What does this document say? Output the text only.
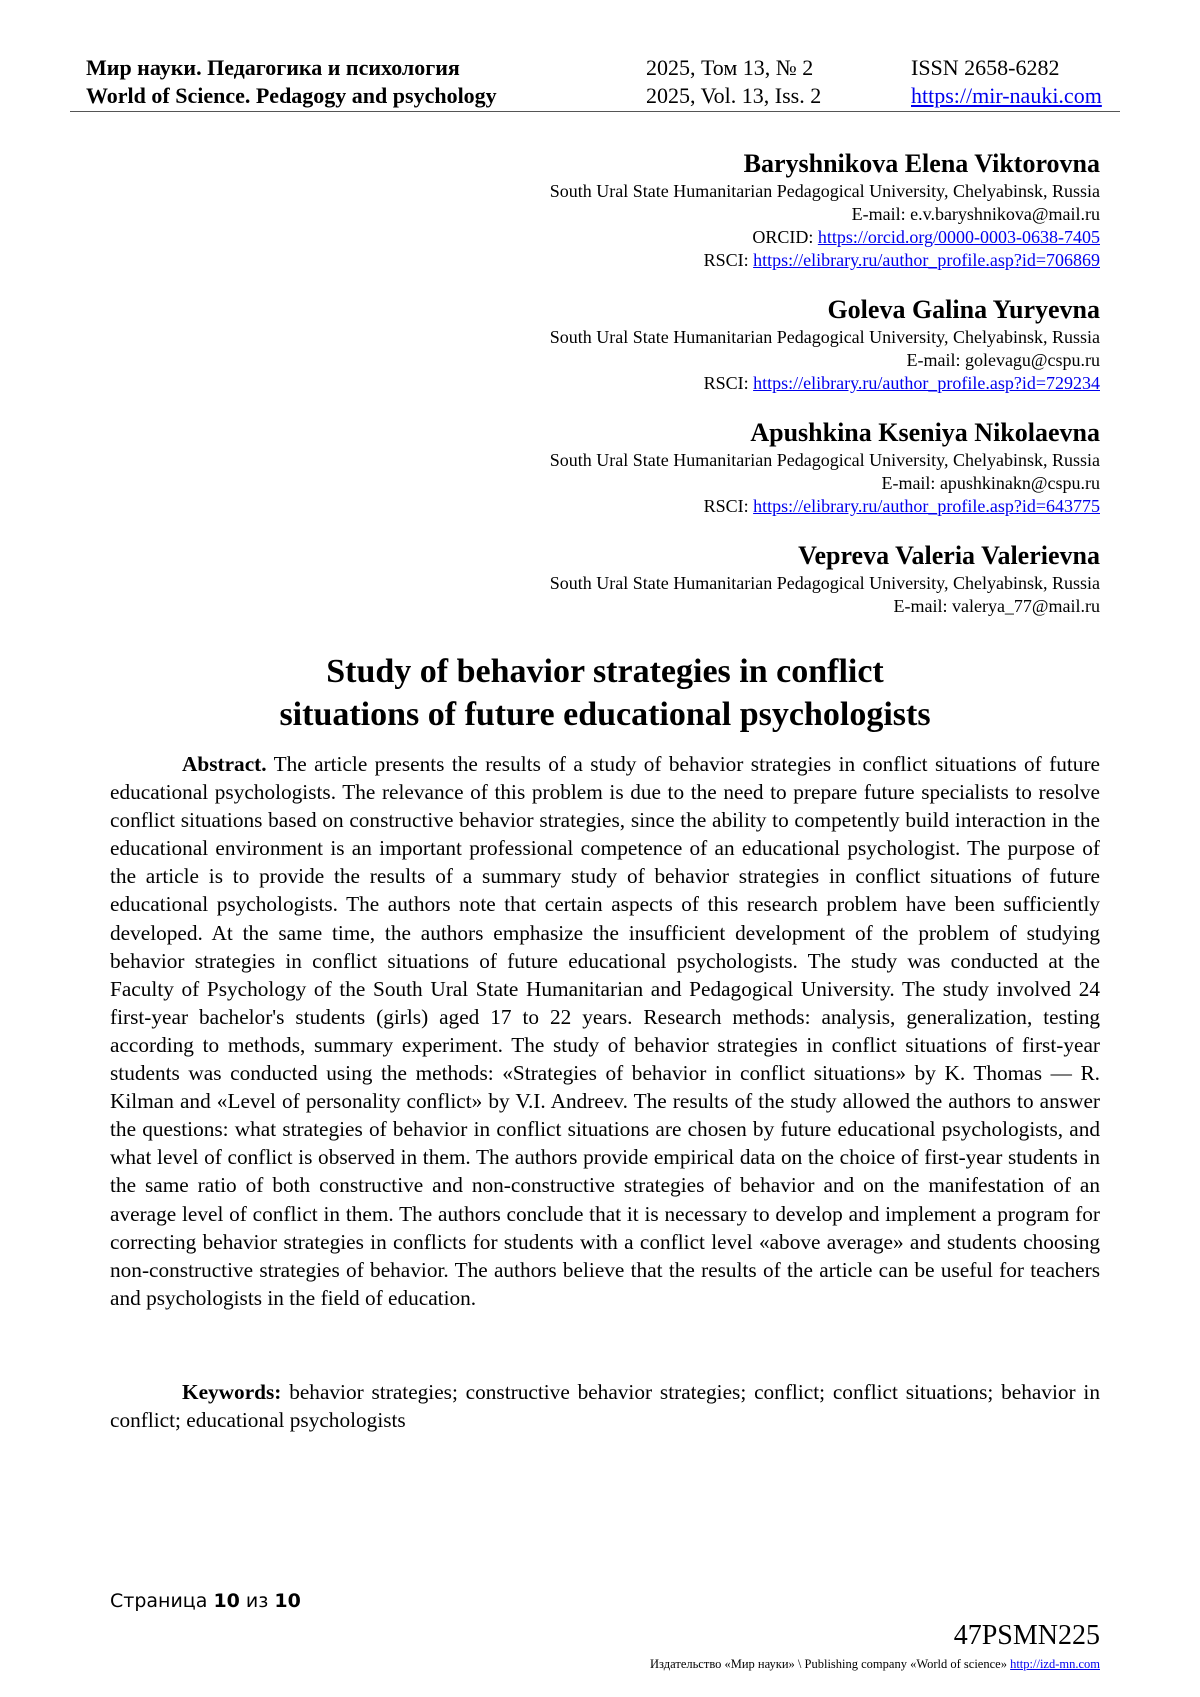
Мир науки. Педагогика и психология
World of Science. Pedagogy and psychology
2025, Том 13, № 2
2025, Vol. 13, Iss. 2
ISSN 2658-6282
https://mir-nauki.com
Baryshnikova Elena Viktorovna
South Ural State Humanitarian Pedagogical University, Chelyabinsk, Russia
E-mail: e.v.baryshnikova@mail.ru
ORCID: https://orcid.org/0000-0003-0638-7405
RSCI: https://elibrary.ru/author_profile.asp?id=706869
Goleva Galina Yuryevna
South Ural State Humanitarian Pedagogical University, Chelyabinsk, Russia
E-mail: golevagu@cspu.ru
RSCI: https://elibrary.ru/author_profile.asp?id=729234
Apushkina Kseniya Nikolaevna
South Ural State Humanitarian Pedagogical University, Chelyabinsk, Russia
E-mail: apushkinakn@cspu.ru
RSCI: https://elibrary.ru/author_profile.asp?id=643775
Vepreva Valeria Valerievna
South Ural State Humanitarian Pedagogical University, Chelyabinsk, Russia
E-mail: valerya_77@mail.ru
Study of behavior strategies in conflict
situations of future educational psychologists
Abstract. The article presents the results of a study of behavior strategies in conflict situations of future educational psychologists. The relevance of this problem is due to the need to prepare future specialists to resolve conflict situations based on constructive behavior strategies, since the ability to competently build interaction in the educational environment is an important professional competence of an educational psychologist. The purpose of the article is to provide the results of a summary study of behavior strategies in conflict situations of future educational psychologists. The authors note that certain aspects of this research problem have been sufficiently developed. At the same time, the authors emphasize the insufficient development of the problem of studying behavior strategies in conflict situations of future educational psychologists. The study was conducted at the Faculty of Psychology of the South Ural State Humanitarian and Pedagogical University. The study involved 24 first-year bachelor's students (girls) aged 17 to 22 years. Research methods: analysis, generalization, testing according to methods, summary experiment. The study of behavior strategies in conflict situations of first-year students was conducted using the methods: «Strategies of behavior in conflict situations» by K. Thomas — R. Kilman and «Level of personality conflict» by V.I. Andreev. The results of the study allowed the authors to answer the questions: what strategies of behavior in conflict situations are chosen by future educational psychologists, and what level of conflict is observed in them. The authors provide empirical data on the choice of first-year students in the same ratio of both constructive and non-constructive strategies of behavior and on the manifestation of an average level of conflict in them. The authors conclude that it is necessary to develop and implement a program for correcting behavior strategies in conflicts for students with a conflict level «above average» and students choosing non-constructive strategies of behavior. The authors believe that the results of the article can be useful for teachers and psychologists in the field of education.
Keywords: behavior strategies; constructive behavior strategies; conflict; conflict situations; behavior in conflict; educational psychologists
Страница 10 из 10
47PSMN225
Издательство «Мир науки» \ Publishing company «World of science» http://izd-mn.com
